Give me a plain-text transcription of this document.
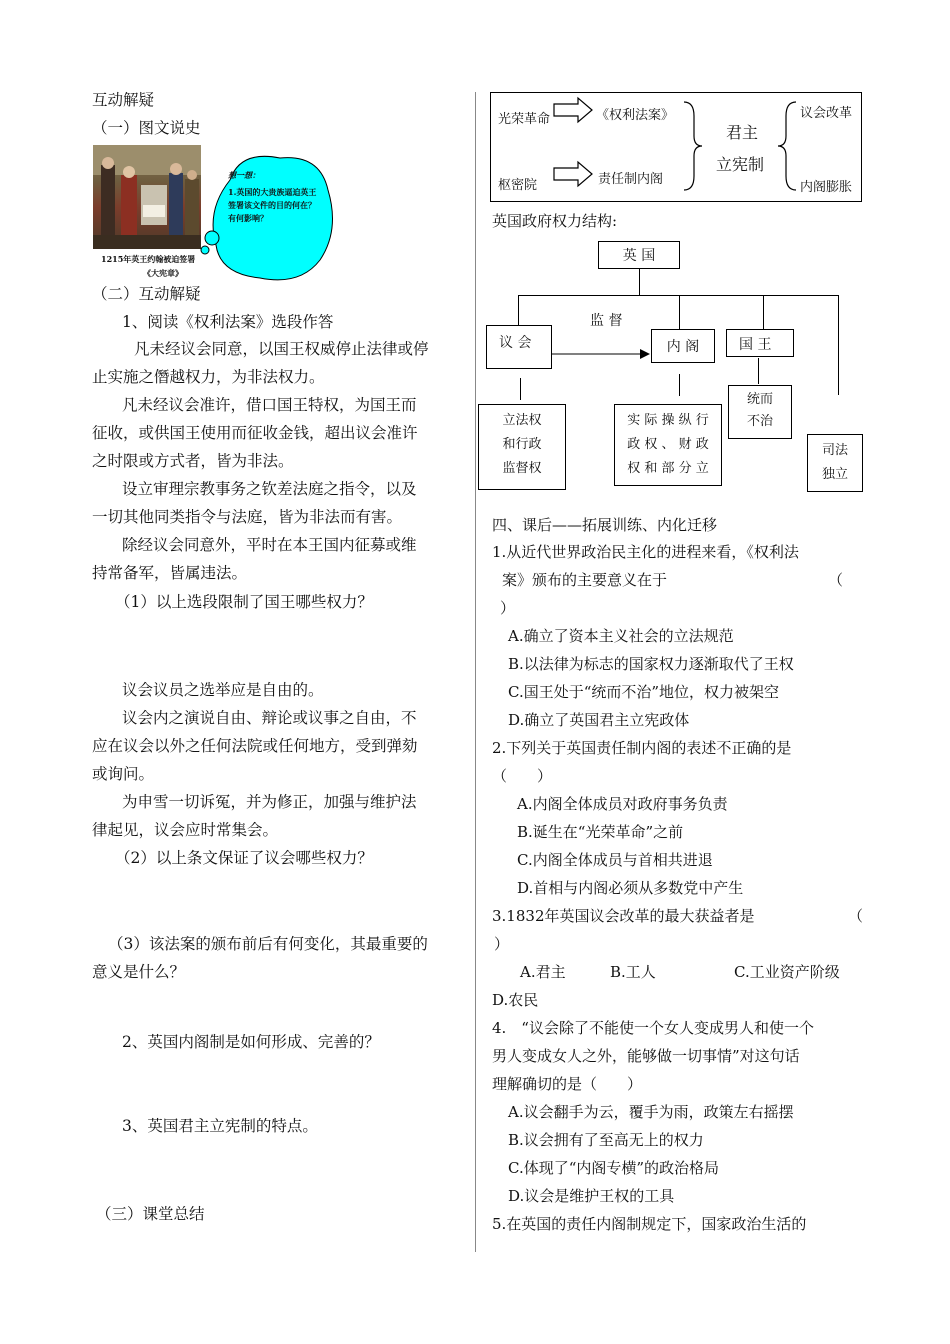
互动解疑
（一）图文说史
1215年英王约翰被迫签署
《大宪章》
想一想：
1.英国的大贵族逼迫英王签署该文件的目的何在？有何影响？
（二）互动解疑
1、阅读《权利法案》选段作答
凡未经议会同意，以国王权威停止法律或停
止实施之僭越权力，为非法权力。
凡未经议会准许，借口国王特权，为国王而
征收，或供国王使用而征收金钱，超出议会准许
之时限或方式者，皆为非法。
设立审理宗教事务之钦差法庭之指令，以及
一切其他同类指令与法庭，皆为非法而有害。
除经议会同意外，平时在本王国内征募或维
持常备军，皆属违法。
（1）以上选段限制了国王哪些权力？
议会议员之选举应是自由的。
议会内之演说自由、辩论或议事之自由，不
应在议会以外之任何法院或任何地方，受到弹劾
或询问。
为申雪一切诉冤，并为修正，加强与维护法
律起见，议会应时常集会。
（2）以上条文保证了议会哪些权力？
（3）该法案的颁布前后有何变化，其最重要的
意义是什么？
2、英国内阁制是如何形成、完善的？
3、英国君主立宪制的特点。
（三）课堂总结
光荣革命
枢密院
《权利法案》
责任制内阁
君主
立宪制
议会改革
内阁膨胀
英国政府权力结构:
英 国
监 督
议 会	内 阁	国 王
立法权
和行政
监督权
实 际 操 纵 行
政 权 、 财 政
权 和 部 分 立
统而
不治
司法
独立
四、课后——拓展训练、内化迁移
1.从近代世界政治民主化的进程来看，《权利法
案》颁布的主要意义在于	（
）
A.确立了资本主义社会的立法规范
B.以法律为标志的国家权力逐渐取代了王权
C.国王处于“统而不治”地位，权力被架空
D.确立了英国君主立宪政体
2.下列关于英国责任制内阁的表述不正确的是
（　　）
A.内阁全体成员对政府事务负责
B.诞生在“光荣革命”之前
C.内阁全体成员与首相共进退
D.首相与内阁必须从多数党中产生
3.1832年英国议会改革的最大获益者是	（
）
A.君主	B.工人	C.工业资产阶级
D.农民
4.　“议会除了不能使一个女人变成男人和使一个
男人变成女人之外，能够做一切事情”对这句话
理解确切的是（　　）
A.议会翻手为云，覆手为雨，政策左右摇摆
B.议会拥有了至高无上的权力
C.体现了“内阁专横”的政治格局
D.议会是维护王权的工具
5.在英国的责任内阁制规定下，国家政治生活的
